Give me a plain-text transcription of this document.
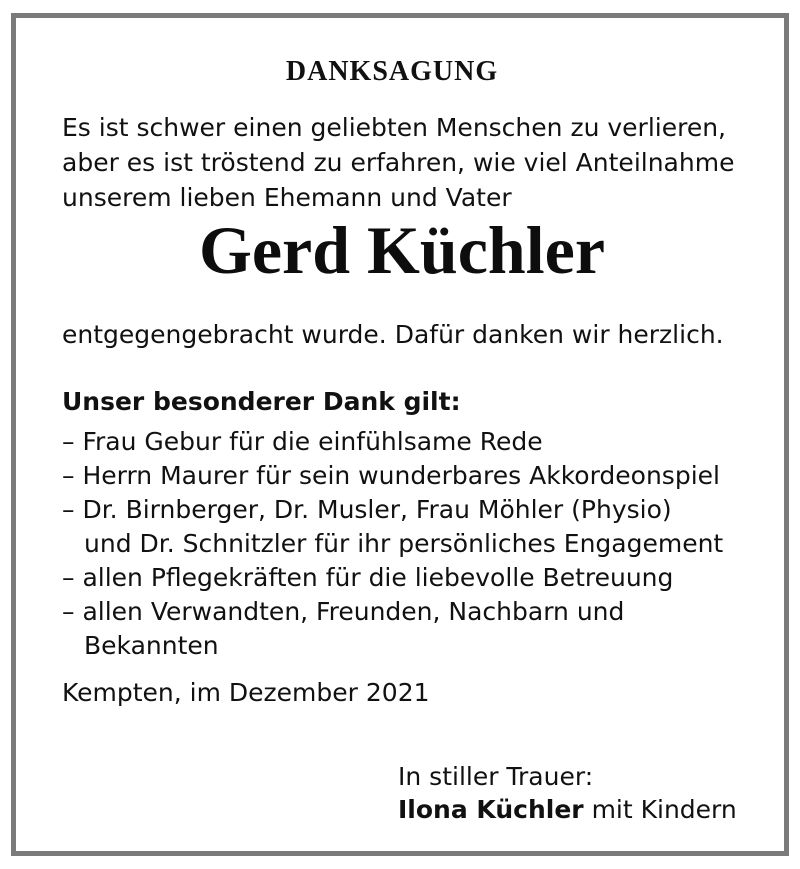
DANKSAGUNG
Es ist schwer einen geliebten Menschen zu verlieren,
aber es ist tröstend zu erfahren, wie viel Anteilnahme
unserem lieben Ehemann und Vater
Gerd Küchler
entgegengebracht wurde. Dafür danken wir herzlich.
Unser besonderer Dank gilt:
– Frau Gebur für die einfühlsame Rede
– Herrn Maurer für sein wunderbares Akkordeonspiel
– Dr. Birnberger, Dr. Musler, Frau Möhler (Physio)
und Dr. Schnitzler für ihr persönliches Engagement
– allen Pflegekräften für die liebevolle Betreuung
– allen Verwandten, Freunden, Nachbarn und
Bekannten
Kempten, im Dezember 2021
In stiller Trauer:
Ilona Küchler mit Kindern
